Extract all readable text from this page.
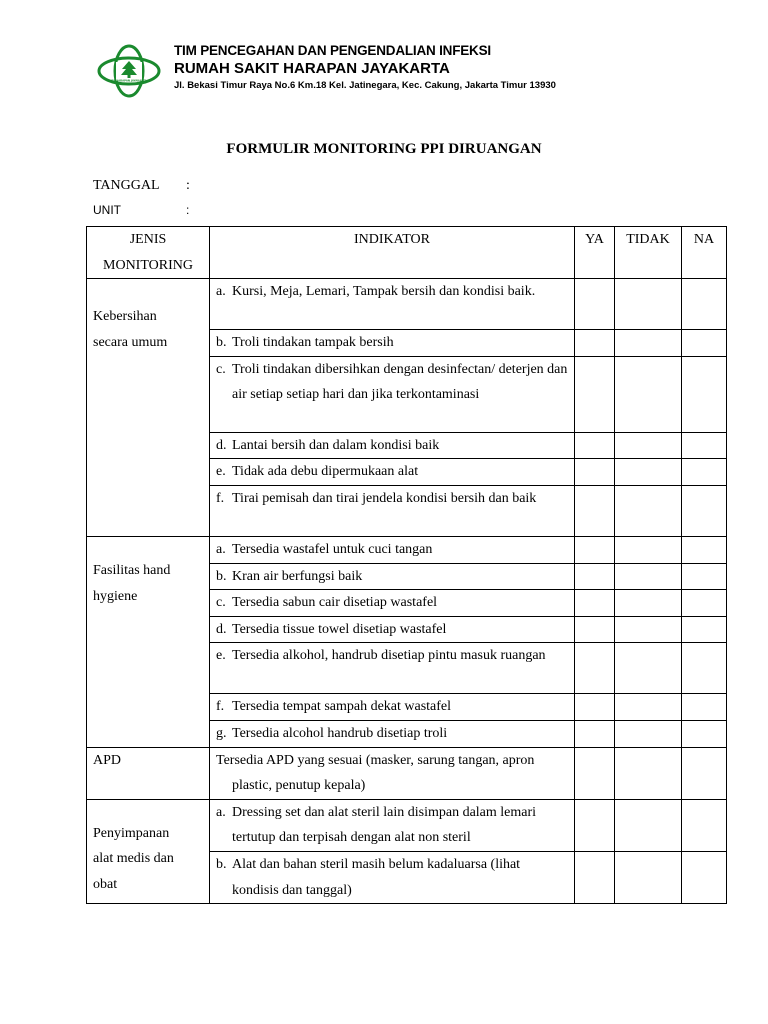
RS HARAPAN JAYAKARTA
TIM PENCEGAHAN DAN PENGENDALIAN INFEKSI
RUMAH SAKIT HARAPAN JAYAKARTA
Jl. Bekasi Timur Raya No.6 Km.18 Kel. Jatinegara, Kec. Cakung, Jakarta Timur 13930
FORMULIR MONITORING PPI DIRUANGAN
TANGGAL :
UNIT	:
JENIS
MONITORING	INDIKATOR	YA	TIDAK	NA

Kebersihan
secara umum	a. Kursi, Meja, Lemari, Tampak bersih dan kondisi baik.			

	b. Troli tindakan tampak bersih			

	c. Troli tindakan dibersihkan dengan desinfectan/ deterjen dan air setiap setiap hari dan jika terkontaminasi			

	d. Lantai bersih dan dalam kondisi baik			

	e. Tidak ada debu dipermukaan alat			

	f. Tirai pemisah dan tirai jendela kondisi bersih dan baik			

Fasilitas hand
hygiene	a. Tersedia wastafel untuk cuci tangan			

	b. Kran air berfungsi baik			

	c. Tersedia sabun cair disetiap wastafel			

	d. Tersedia tissue towel disetiap wastafel			

	e. Tersedia alkohol, handrub disetiap pintu masuk ruangan			

	f. Tersedia tempat sampah dekat wastafel			

	g. Tersedia alcohol handrub disetiap troli			

APD	Tersedia APD yang sesuai (masker, sarung tangan, apron plastic, penutup kepala)			

Penyimpanan
alat medis dan
obat	a. Dressing set dan alat steril lain disimpan dalam lemari tertutup dan terpisah dengan alat non steril			

	b. Alat dan bahan steril masih belum kadaluarsa (lihat kondisis dan tanggal)			
